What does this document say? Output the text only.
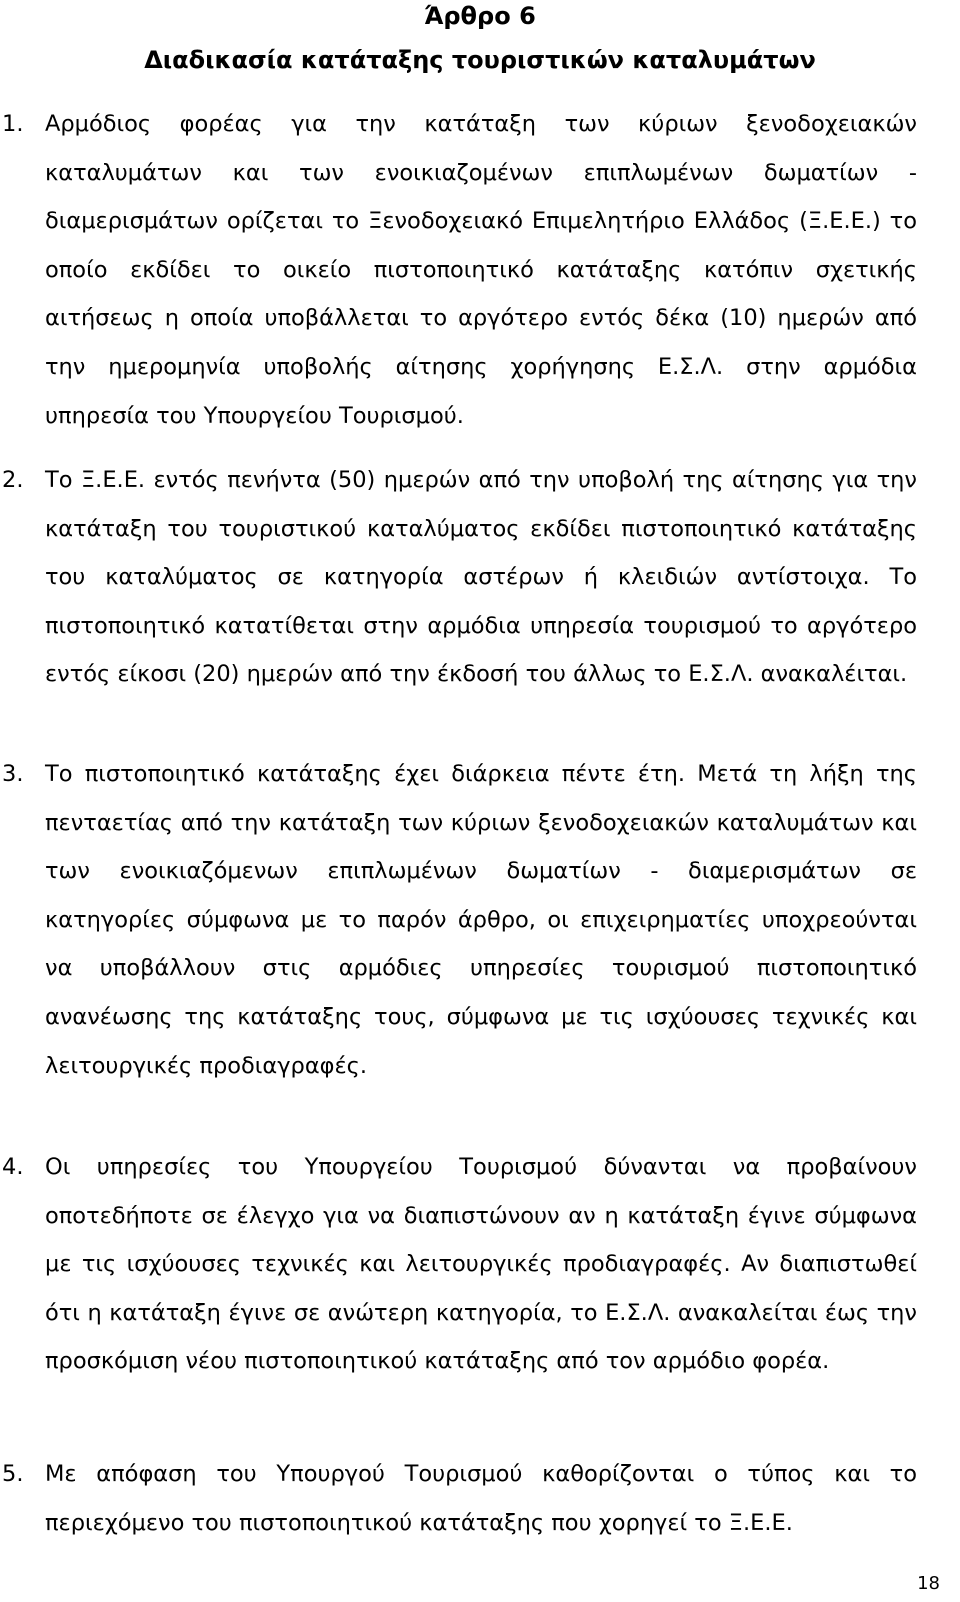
Άρθρο 6
Διαδικασία κατάταξης τουριστικών καταλυμάτων
1. Αρμόδιος φορέας για την κατάταξη των κύριων ξενοδοχειακών καταλυμάτων και των ενοικιαζομένων επιπλωμένων δωματίων - διαμερισμάτων ορίζεται το Ξενοδοχειακό Επιμελητήριο Ελλάδος (Ξ.Ε.Ε.) το οποίο εκδίδει το οικείο πιστοποιητικό κατάταξης κατόπιν σχετικής αιτήσεως η οποία υποβάλλεται το αργότερο εντός δέκα (10) ημερών από την ημερομηνία υποβολής αίτησης χορήγησης Ε.Σ.Λ. στην αρμόδια υπηρεσία του Υπουργείου Τουρισμού.
2. Το Ξ.Ε.Ε. εντός πενήντα (50) ημερών από την υποβολή της αίτησης για την κατάταξη του τουριστικού καταλύματος εκδίδει πιστοποιητικό κατάταξης του καταλύματος σε κατηγορία αστέρων ή κλειδιών αντίστοιχα. Το πιστοποιητικό κατατίθεται στην αρμόδια υπηρεσία τουρισμού το αργότερο εντός είκοσι (20) ημερών από την έκδοσή του άλλως το Ε.Σ.Λ. ανακαλέιται.
3. Το πιστοποιητικό κατάταξης έχει διάρκεια πέντε έτη. Μετά τη λήξη της πενταετίας από την κατάταξη των κύριων ξενοδοχειακών καταλυμάτων και των ενοικιαζόμενων επιπλωμένων δωματίων - διαμερισμάτων σε κατηγορίες σύμφωνα με το παρόν άρθρο, οι επιχειρηματίες υποχρεούνται να υποβάλλουν στις αρμόδιες υπηρεσίες τουρισμού πιστοποιητικό ανανέωσης της κατάταξης τους, σύμφωνα με τις ισχύουσες τεχνικές και λειτουργικές προδιαγραφές.
4. Οι υπηρεσίες του Υπουργείου Τουρισμού δύνανται να προβαίνουν οποτεδήποτε σε έλεγχο για να διαπιστώνουν αν η κατάταξη έγινε σύμφωνα με τις ισχύουσες τεχνικές και λειτουργικές προδιαγραφές. Αν διαπιστωθεί ότι η κατάταξη έγινε σε ανώτερη κατηγορία, το Ε.Σ.Λ. ανακαλείται έως την προσκόμιση νέου πιστοποιητικού κατάταξης από τον αρμόδιο φορέα.
5. Με απόφαση του Υπουργού Τουρισμού καθορίζονται ο τύπος και το περιεχόμενο του πιστοποιητικού κατάταξης που χορηγεί το Ξ.Ε.Ε.
18
